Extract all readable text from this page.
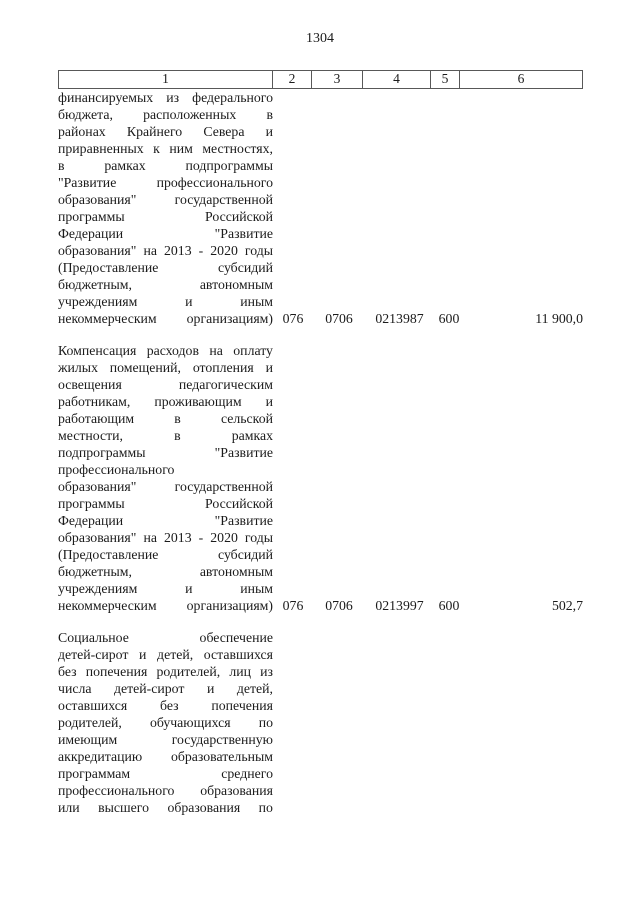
1304
1	2	3	4	5	6
финансируемых из федерального
бюджета, расположенных в
районах Крайнего Севера и
приравненных к ним местностях,
в	рамках	подпрограммы
"Развитие	профессионального
образования"	государственной
программы	Российской
Федерации	"Развитие
образования" на 2013 - 2020 годы
(Предоставление	субсидий
бюджетным,	автономным
учреждениям	и	иным
некоммерческим организациям) 076	0706	0213987	600	11 900,0
Компенсация расходов на оплату
жилых помещений, отопления и
освещения	педагогическим
работникам, проживающим и
работающим	в	сельской
местности,	в	рамках
подпрограммы	"Развитие
профессионального
образования"	государственной
программы	Российской
Федерации	"Развитие
образования" на 2013 - 2020 годы
(Предоставление	субсидий
бюджетным,	автономным
учреждениям	и	иным
некоммерческим организациям) 076	0706	0213997	600	502,7
Социальное	обеспечение
детей-сирот и детей, оставшихся
без попечения родителей, лиц из
числа детей-сирот и детей,
оставшихся без попечения
родителей, обучающихся по
имеющим	государственную
аккредитацию образовательным
программам	среднего
профессионального образования
или высшего образования по
